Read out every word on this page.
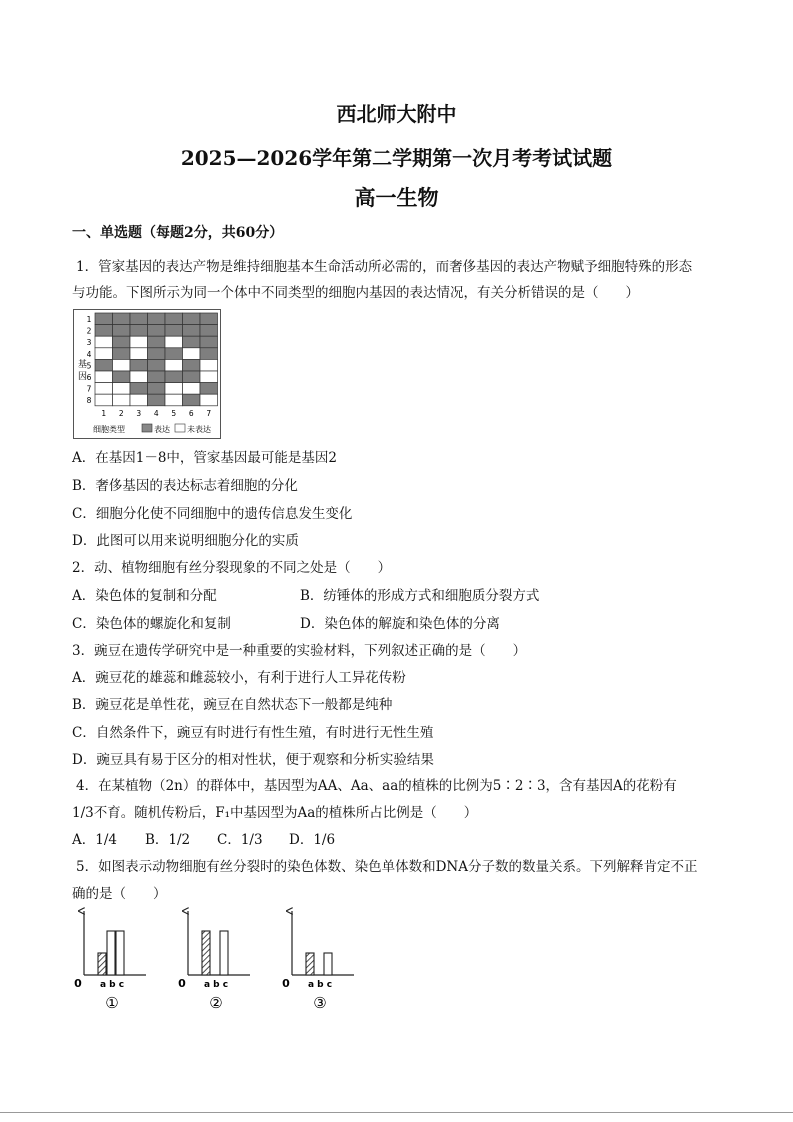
西北师大附中
2025—2026学年第二学期第一次月考考试试题
高一生物
一、单选题（每题2分，共60分）
1．管家基因的表达产物是维持细胞基本生命活动所必需的，而奢侈基因的表达产物赋予细胞特殊的形态
与功能。下图所示为同一个体中不同类型的细胞内基因的表达情况，有关分析错误的是（　　）
基
因
1
2
3
4
5
6
7
8
1 2 3 4 5 6 7
细胞类型	表达 未表达
A．在基因1－8中，管家基因最可能是基因2
B．奢侈基因的表达标志着细胞的分化
C．细胞分化使不同细胞中的遗传信息发生变化
D．此图可以用来说明细胞分化的实质
2．动、植物细胞有丝分裂现象的不同之处是（　　）
A．染色体的复制和分配	B．纺锤体的形成方式和细胞质分裂方式
C．染色体的螺旋化和复制	D．染色体的解旋和染色体的分离
3．豌豆在遗传学研究中是一种重要的实验材料，下列叙述正确的是（　　）
A．豌豆花的雄蕊和雌蕊较小，有利于进行人工异花传粉
B．豌豆花是单性花，豌豆在自然状态下一般都是纯种
C．自然条件下，豌豆有时进行有性生殖，有时进行无性生殖
D．豌豆具有易于区分的相对性状，便于观察和分析实验结果
4．在某植物（2n）的群体中，基因型为AA、Aa、aa的植株的比例为5∶2∶3，含有基因A的花粉有
1/3不育。随机传粉后，F₁中基因型为Aa的植株所占比例是（　　）
A．1/4 B．1/2 C．1/3 D．1/6
5．如图表示动物细胞有丝分裂时的染色体数、染色单体数和DNA分子数的数量关系。下列解释肯定不正
确的是（　　）
0 a b c
①
0 a b c
②
0 a b c
③
